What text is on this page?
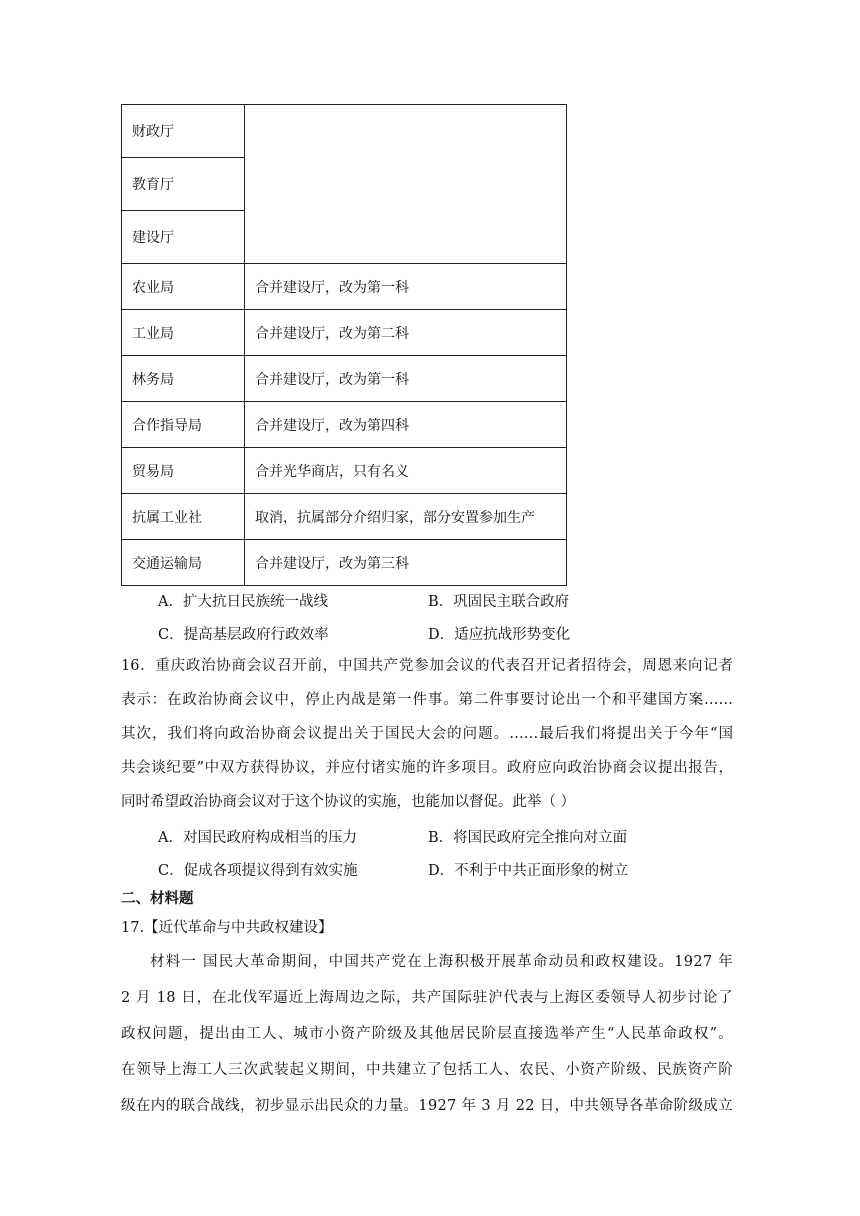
财政厅	
教育厅	
建设厅	
农业局	合并建设厅，改为第一科
工业局	合并建设厅，改为第二科
林务局	合并建设厅，改为第一科
合作指导局	合并建设厅，改为第四科
贸易局	合并光华商店，只有名义
抗属工业社	取消，抗属部分介绍归家，部分安置参加生产
交通运输局	合并建设厅，改为第三科
A．扩大抗日民族统一战线	B．巩固民主联合政府
C．提高基层政府行政效率	D．适应抗战形势变化
16．重庆政治协商会议召开前，中国共产党参加会议的代表召开记者招待会，周恩来向记者
表示：在政治协商会议中，停止内战是第一件事。第二件事要讨论出一个和平建国方案……
其次，我们将向政治协商会议提出关于国民大会的问题。……最后我们将提出关于今年“国
共会谈纪要”中双方获得协议，并应付诸实施的许多项目。政府应向政治协商会议提出报告，
同时希望政治协商会议对于这个协议的实施，也能加以督促。此举（ ）
A．对国民政府构成相当的压力	B．将国民政府完全推向对立面
C．促成各项提议得到有效实施	D．不利于中共正面形象的树立
二、材料题
17.【近代革命与中共政权建设】
材料一 国民大革命期间，中国共产党在上海积极开展革命动员和政权建设。1927 年
2 月 18 日，在北伐军逼近上海周边之际，共产国际驻沪代表与上海区委领导人初步讨论了
政权问题，提出由工人、城市小资产阶级及其他居民阶层直接选举产生“人民革命政权”。
在领导上海工人三次武装起义期间，中共建立了包括工人、农民、小资产阶级、民族资产阶
级在内的联合战线，初步显示出民众的力量。1927 年 3 月 22 日，中共领导各革命阶级成立
